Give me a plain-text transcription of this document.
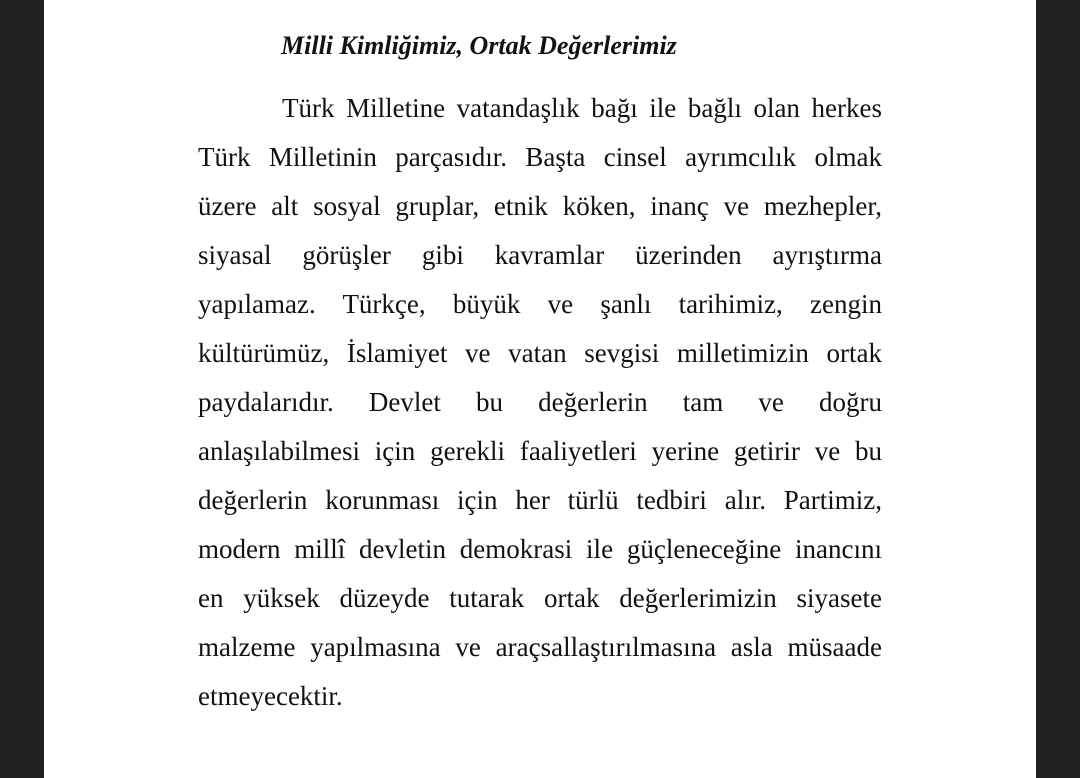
Milli Kimliğimiz, Ortak Değerlerimiz

Türk Milletine vatandaşlık bağı ile bağlı olan herkes

Türk Milletinin parçasıdır. Başta cinsel ayrımcılık olmak

üzere alt sosyal gruplar, etnik köken, inanç ve mezhepler,

siyasal görüşler gibi kavramlar üzerinden ayrıştırma

yapılamaz. Türkçe, büyük ve şanlı tarihimiz, zengin

kültürümüz, İslamiyet ve vatan sevgisi milletimizin ortak

paydalarıdır. Devlet bu değerlerin tam ve doğru

anlaşılabilmesi için gerekli faaliyetleri yerine getirir ve bu

değerlerin korunması için her türlü tedbiri alır. Partimiz,

modern millî devletin demokrasi ile güçleneceğine inancını

en yüksek düzeyde tutarak ortak değerlerimizin siyasete

malzeme yapılmasına ve araçsallaştırılmasına asla müsaade

etmeyecektir.
